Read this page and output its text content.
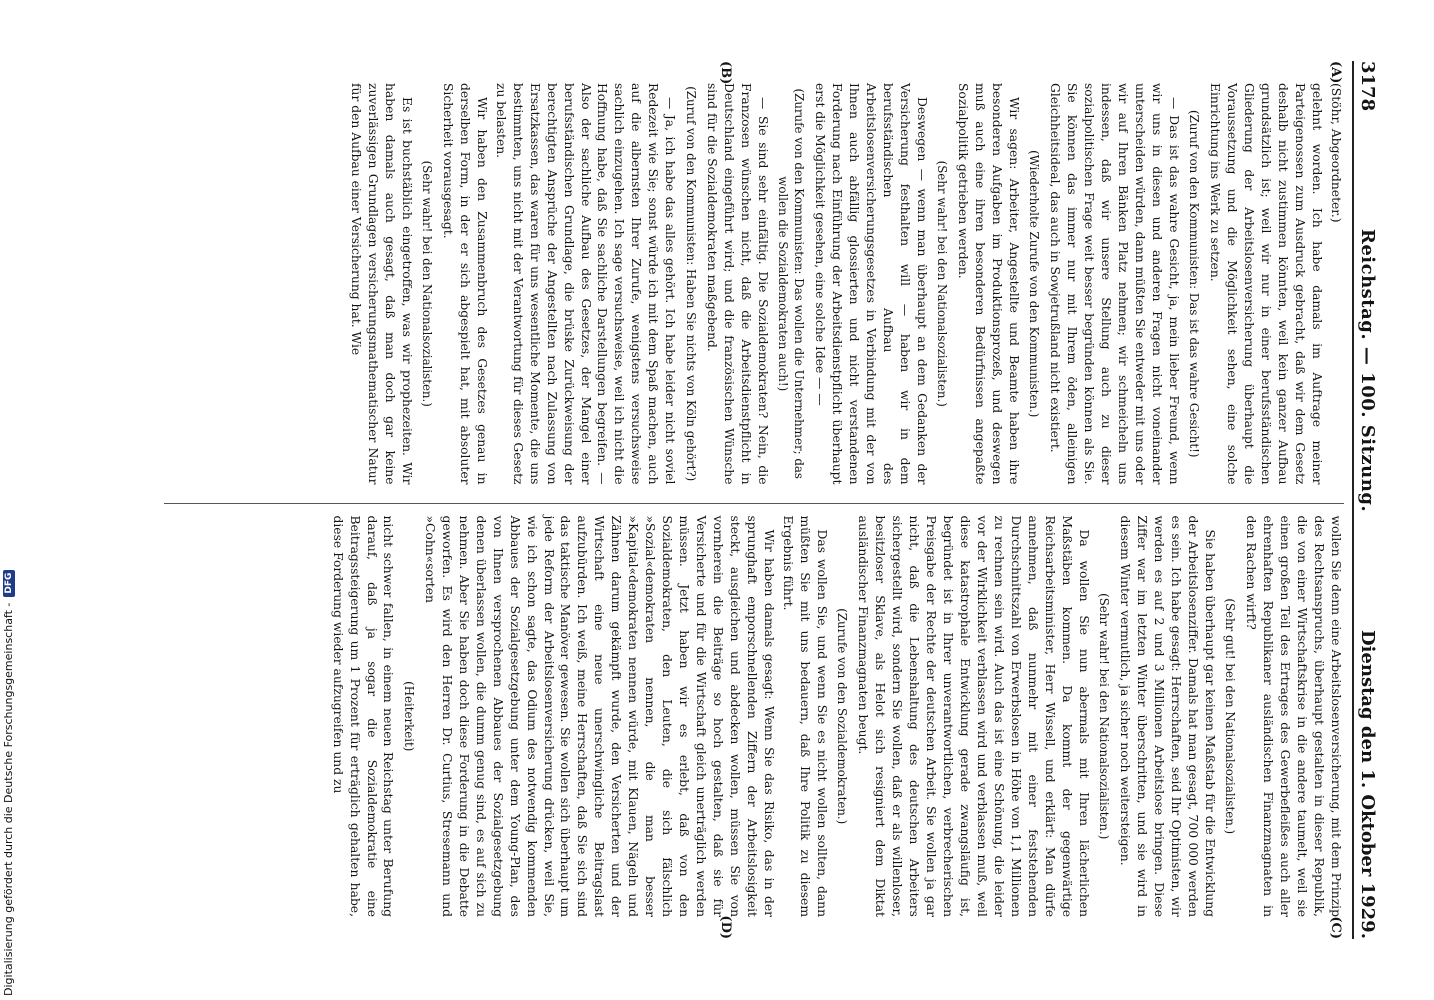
3178
Reichstag. — 100. Sitzung.
Dienstag den 1. Oktober 1929.
(A)
(B)

(Stöhr, Abgeordneter.)

gelehnt worden. Ich habe damals im Auftrage meiner Parteigenossen zum Ausdruck gebracht, daß wir dem Gesetz deshalb nicht zustimmen könnten, weil kein ganzer Aufbau grundsätzlich ist; weil wir nur in einer berufsständischen Gliederung der Arbeitslosenversicherung überhaupt die Voraussetzung und die Möglichkeit sehen, eine solche Einrichtung ins Werk zu setzen.

(Zuruf von den Kommunisten: Das ist das wahre Gesicht!)

— Das ist das wahre Gesicht, ja, mein lieber Freund, wenn wir uns in diesen und anderen Fragen nicht voneinander unterscheiden würden, dann müßten Sie entweder mit uns oder wir auf Ihren Bänken Platz nehmen; wir schmeicheln uns indessen, daß wir unsere Stellung auch zu dieser sozialpolitischen Frage weit besser begründen können als Sie. Sie können das immer nur mit Ihrem öden, alleinigen Gleichheitsideal, das auch in Sowjetrußland nicht existiert.

(Wiederholte Zurufe von den Kommunisten.)

Wir sagen: Arbeiter, Angestellte und Beamte haben ihre besonderen Aufgaben im Produktionsprozeß, und deswegen muß auch eine ihren besonderen Bedürfnissen angepaßte Sozialpolitik getrieben werden.

(Sehr wahr! bei den Nationalsozialisten.)

Deswegen — wenn man überhaupt an dem Gedanken der Versicherung festhalten will — haben wir in dem berufsständischen Aufbau des Arbeitslosenversicherungsgesetzes in Verbindung mit der von Ihnen auch abfällig glossierten und nicht verstandenen Forderung nach Einführung der Arbeitsdienstpflicht überhaupt erst die Möglichkeit gesehen, eine solche Idee — —

(Zurufe von den Kommunisten: Das wollen die Unternehmer; das wollen die Sozialdemokraten auch!)

— Sie sind sehr einfältig. Die Sozialdemokraten? Nein, die Franzosen wünschen nicht, daß die Arbeitsdienstpflicht in Deutschland eingeführt wird; und die französischen Wünsche sind für die Sozialdemokraten maßgebend.

(Zuruf von den Kommunisten: Haben Sie nichts von Köln gehört?)

— Ja, ich habe das alles gehört. Ich habe leider nicht soviel Redezeit wie Sie; sonst würde ich mit dem Spaß machen, auch auf die albernsten Ihrer Zurufe, wenigstens versuchsweise sachlich einzugehen. Ich sage versuchsweise, weil ich nicht die Hoffnung habe, daß Sie sachliche Darstellungen begreifen. — Also der sachliche Aufbau des Gesetzes, der Mangel einer berufsständischen Grundlage, die brüske Zurückweisung der berechtigten Ansprüche der Angestellten nach Zulassung von Ersatzkassen, das waren für uns wesentliche Momente, die uns bestimmten, uns nicht mit der Verantwortung für dieses Gesetz zu belasten.

Wir haben den Zusammenbruch des Gesetzes genau in derselben Form, in der er sich abgespielt hat, mit absoluter Sicherheit vorausgesagt.

(Sehr wahr! bei den Nationalsozialisten.)

Es ist buchstäblich eingetroffen, was wir prophezeiten. Wir haben damals auch gesagt, daß man doch gar keine zuverlässigen Grundlagen versicherungsmathematischer Natur für den Aufbau einer Versicherung hat. Wie

(C)
(D)

wollen Sie denn eine Arbeitslosenversicherung, mit dem Prinzip des Rechtsanspruchs, überhaupt gestalten in dieser Republik, die von einer Wirtschaftskrise in die andere taumelt, weil sie einen großen Teil des Ertrages des Gewerbefleißes auch aller ehrenhaften Republikaner ausländischen Finanzmagnaten in den Rachen wirft?

(Sehr gut! bei den Nationalsozialisten.)

Sie haben überhaupt gar keinen Maßstab für die Entwicklung der Arbeitslosenziffer. Damals hat man gesagt, 700 000 werden es sein. Ich habe gesagt: Herrschaften, seid Ihr Optimisten, wir werden es auf 2 und 3 Millionen Arbeitslose bringen. Diese Ziffer war im letzten Winter überschritten, und sie wird in diesem Winter vermutlich, ja sicher noch weitersteigen.

(Sehr wahr! bei den Nationalsozialisten.)

Da wollen Sie nun abermals mit Ihren lächerlichen Maßstäben kommen. Da kommt der gegenwärtige Reichsarbeitsminister, Herr Wissell, und erklärt: Man dürfe annehmen, daß nunmehr mit einer feststehenden Durchschnittszahl von Erwerbslosen in Höhe von 1,1 Millionen zu rechnen sein wird. Auch das ist eine Schönung, die leider vor der Wirklichkeit verblassen wird und verblassen muß, weil diese katastrophale Entwicklung gerade zwangsläufig ist, begründet ist in Ihrer unverantwortlichen, verbrecherischen Preisgabe der Rechte der deutschen Arbeit. Sie wollen ja gar nicht, daß die Lebenshaltung des deutschen Arbeiters sichergestellt wird, sondern Sie wollen, daß er als willenloser, besitzloser Sklave, als Helot sich resigniert dem Diktat ausländischer Finanzmagnaten beugt.

(Zurufe von den Sozialdemokraten.)

Das wollen Sie, und wenn Sie es nicht wollen sollten, dann müßten Sie mit uns bedauern, daß Ihre Politik zu diesem Ergebnis führt.

Wir haben damals gesagt: Wenn Sie das Risiko, das in der sprunghaft emporschnellenden Ziffern der Arbeitslosigkeit steckt, ausgleichen und abdecken wollen, müssen Sie von vornherein die Beiträge so hoch gestalten, daß sie für Versicherte und für die Wirtschaft gleich unerträglich werden müssen. Jetzt haben wir es erlebt, daß von den Sozialdemokraten, den Leuten, die sich fälschlich »Sozial«demokraten nennen, die man besser »Kapital«demokraten nennen würde, mit Klauen, Nägeln und Zähnen darum gekämpft wurde, den Versicherten und der Wirtschaft eine neue unerschwingliche Beitragslast aufzubürden. Ich weiß, meine Herrschaften, daß Sie sich sind das taktische Manöver gewesen. Sie wollen sich überhaupt um jede Reform der Arbeitslosenversicherung drücken, weil Sie, wie ich schon sagte, das Odium des notwendig kommenden Abbaues der Sozialgesetzgebung unter dem Young-Plan, des von Ihnen versprochenen Abbaues der Sozialgesetzgebung denen überlassen wollen, die dumm genug sind, es auf sich zu nehmen. Aber Sie haben doch diese Forderung in die Debatte geworfen. Es wird den Herren Dr. Curtius, Stresemann und »Cohn«sorten

(Heiterkeit)

nicht schwer fallen, in einem neuen Reichstag unter Berufung darauf, daß ja sogar die Sozialdemokratie eine Beitragssteigerung um 1 Prozent für erträglich gehalten habe, diese Forderung wieder aufzugreifen und zu

Digitalisierung gefördert durch die Deutsche Forschungsgemeinschaft -
DFG
